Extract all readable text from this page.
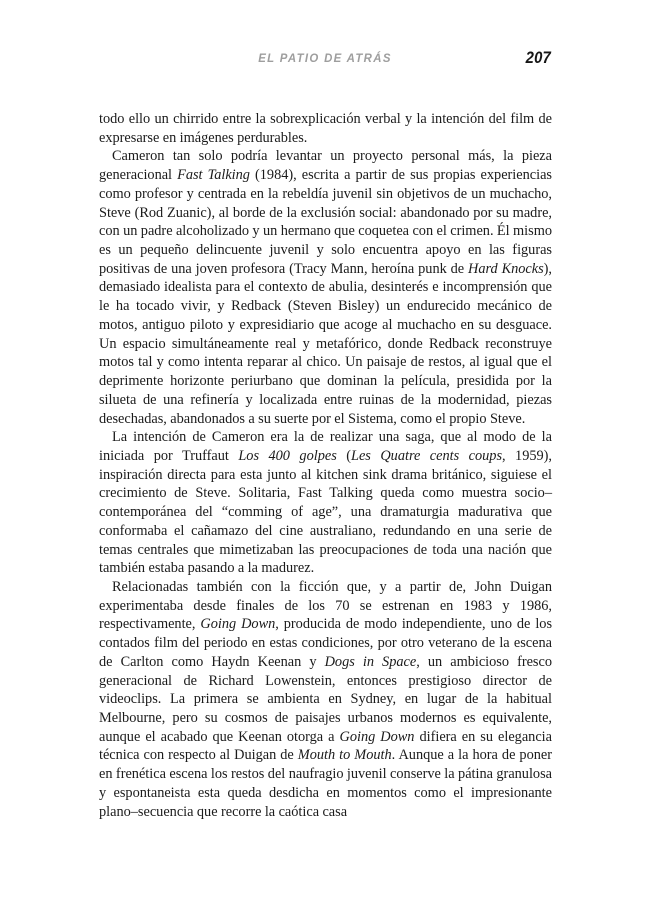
EL PATIO DE ATRÁS	207

todo ello un chirrido entre la sobrexplicación verbal y la intención del film de expresarse en imágenes perdurables.

Cameron tan solo podría levantar un proyecto personal más, la pieza generacional Fast Talking (1984), escrita a partir de sus propias experiencias como profesor y centrada en la rebeldía juvenil sin objetivos de un muchacho, Steve (Rod Zuanic), al borde de la exclusión social: abandonado por su madre, con un padre alcoholizado y un hermano que coquetea con el crimen. Él mismo es un pequeño delincuente juvenil y solo encuentra apoyo en las figuras positivas de una joven profesora (Tracy Mann, heroína punk de Hard Knocks), demasiado idealista para el contexto de abulia, desinterés e incomprensión que le ha tocado vivir, y Redback (Steven Bisley) un endurecido mecánico de motos, antiguo piloto y expresidiario que acoge al muchacho en su desguace. Un espacio simultáneamente real y metafórico, donde Redback reconstruye motos tal y como intenta reparar al chico. Un paisaje de restos, al igual que el deprimente horizonte periurbano que dominan la película, presidida por la silueta de una refinería y localizada entre ruinas de la modernidad, piezas desechadas, abandonados a su suerte por el Sistema, como el propio Steve.

La intención de Cameron era la de realizar una saga, que al modo de la iniciada por Truffaut Los 400 golpes (Les Quatre cents coups, 1959), inspiración directa para esta junto al kitchen sink drama británico, siguiese el crecimiento de Steve. Solitaria, Fast Talking queda como muestra socio–contemporánea del “comming of age”, una dramaturgia madurativa que conformaba el cañamazo del cine australiano, redundando en una serie de temas centrales que mimetizaban las preocupaciones de toda una nación que también estaba pasando a la madurez.

Relacionadas también con la ficción que, y a partir de, John Duigan experimentaba desde finales de los 70 se estrenan en 1983 y 1986, respectivamente, Going Down, producida de modo independiente, uno de los contados film del periodo en estas condiciones, por otro veterano de la escena de Carlton como Haydn Keenan y Dogs in Space, un ambicioso fresco generacional de Richard Lowenstein, entonces prestigioso director de videoclips. La primera se ambienta en Sydney, en lugar de la habitual Melbourne, pero su cosmos de paisajes urbanos modernos es equivalente, aunque el acabado que Keenan otorga a Going Down difiera en su elegancia técnica con respecto al Duigan de Mouth to Mouth. Aunque a la hora de poner en frenética escena los restos del naufragio juvenil conserve la pátina granulosa y espontaneista esta queda desdicha en momentos como el impresionante plano–secuencia que recorre la caótica casa
